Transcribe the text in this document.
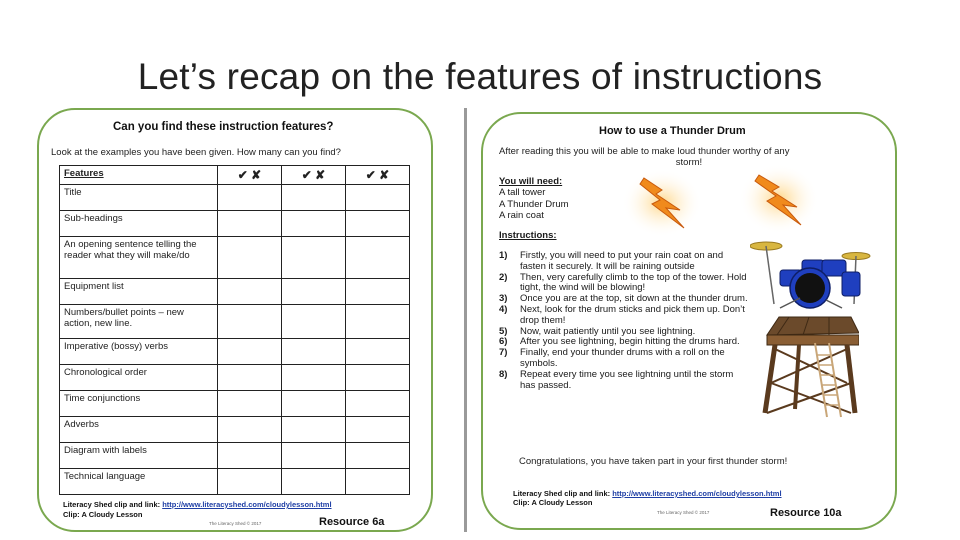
Let’s recap on the features of instructions
Can you find these instruction features?
Look at the examples you have been given. How many can you find?
Features	✔ ✘	✔ ✘	✔ ✘
Title			
Sub-headings			
An opening sentence telling the reader what they will make/do			
Equipment list			
Numbers/bullet points – new action, new line.			
Imperative (bossy) verbs			
Chronological order			
Time conjunctions			
Adverbs			
Diagram with labels			
Technical language			
Literacy Shed clip and link: http://www.literacyshed.com/cloudylesson.html
Clip: A Cloudy Lesson
The Literacy Shed © 2017	Resource 6a
How to use a Thunder Drum
After reading this you will be able to make loud thunder worthy of any
storm!
You will need:
A tall tower
A Thunder Drum
A rain coat
Instructions:
1)	Firstly, you will need to put your rain coat on and fasten it securely. It will be raining outside
2)	Then, very carefully climb to the top of the tower. Hold tight, the wind will be blowing!
3)	Once you are at the top, sit down at the thunder drum.
4)	Next, look for the drum sticks and pick them up. Don’t drop them!
5)	Now, wait patiently until you see lightning.
6)	After you see lightning, begin hitting the drums hard.
7)	Finally, end your thunder drums with a roll on the symbols.
8)	Repeat every time you see lightning until the storm has passed.
Congratulations, you have taken part in your first thunder storm!
Literacy Shed clip and link: http://www.literacyshed.com/cloudylesson.html
Clip: A Cloudy Lesson
The Literacy Shed © 2017	Resource 10a
